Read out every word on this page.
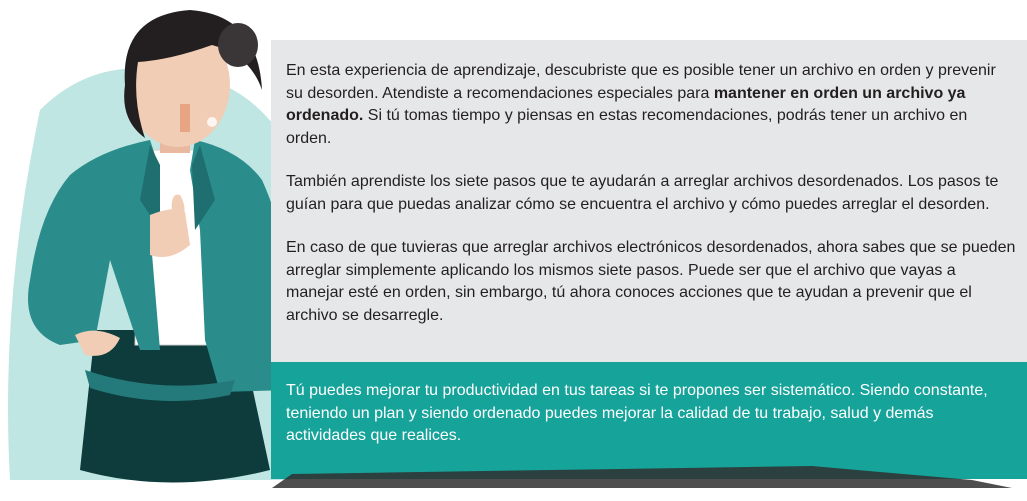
En esta experiencia de aprendizaje, descubriste que es posible tener un archivo en orden y prevenir su desorden. Atendiste a recomendaciones especiales para mantener en orden un archivo ya ordenado. Si tú tomas tiempo y piensas en estas recomendaciones, podrás tener un archivo en orden.

También aprendiste los siete pasos que te ayudarán a arreglar archivos desordenados. Los pasos te guían para que puedas analizar cómo se encuentra el archivo y cómo puedes arreglar el desorden.

En caso de que tuvieras que arreglar archivos electrónicos desordenados, ahora sabes que se pueden arreglar simplemente aplicando los mismos siete pasos. Puede ser que el archivo que vayas a manejar esté en orden, sin embargo, tú ahora conoces acciones que te ayudan a prevenir que el archivo se desarregle.

Tú puedes mejorar tu productividad en tus tareas si te propones ser sistemático. Siendo constante, teniendo un plan y siendo ordenado puedes mejorar la calidad de tu trabajo, salud y demás actividades que realices.
